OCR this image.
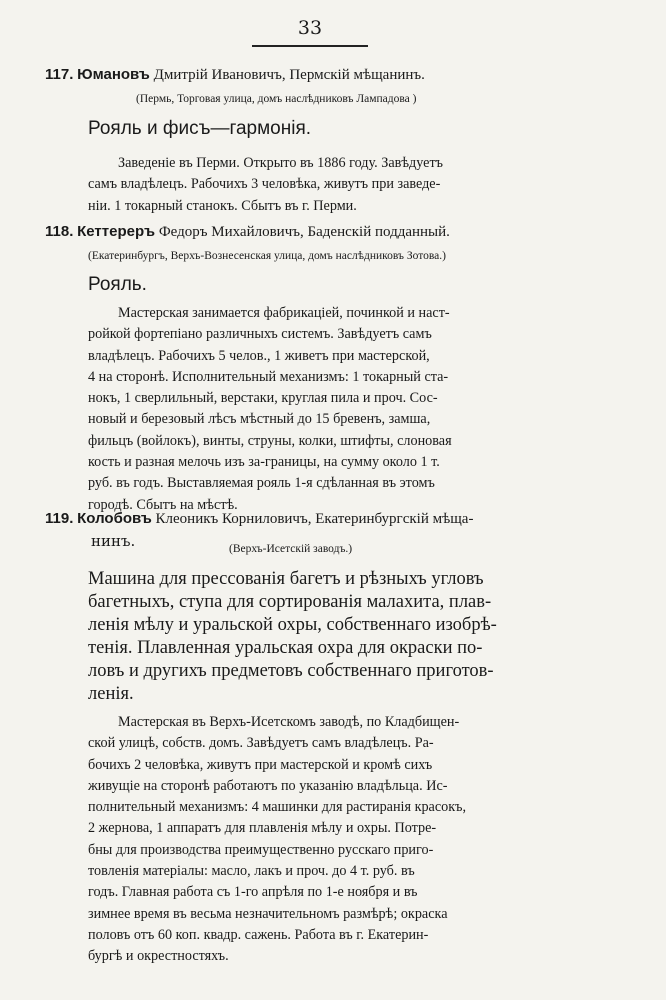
33
117. Юмановъ Дмитрій Ивановичъ, Пермскій мѣщанинъ.
(Пермь, Торговая улица, домъ наслѣдниковъ Лампадова )
Рояль и фисъ—гармонія.
Заведеніе въ Перми. Открыто въ 1886 году. Завѣдуетъ
самъ владѣлецъ. Рабочихъ 3 человѣка, живутъ при заведе-
ніи. 1 токарный станокъ. Сбытъ въ г. Перми.
118. Кеттереръ Федоръ Михайловичъ, Баденскій подданный.
(Екатеринбургъ, Верхъ-Вознесенская улица, домъ наслѣдниковъ Зотова.)
Рояль.
Мастерская занимается фабрикаціей, починкой и наст-
ройкой фортепіано различныхъ системъ. Завѣдуетъ самъ
владѣлецъ. Рабочихъ 5 челов., 1 живетъ при мастерской,
4 на сторонѣ. Исполнительный механизмъ: 1 токарный ста-
нокъ, 1 сверлильный, верстаки, круглая пила и проч. Сос-
новый и березовый лѣсъ мѣстный до 15 бревенъ, замша,
фильцъ (войлокъ), винты, струны, колки, штифты, слоновая
кость и разная мелочь изъ за-границы, на сумму около 1 т.
руб. въ годъ. Выставляемая рояль 1-я сдѣланная въ этомъ
городѣ. Сбытъ на мѣстѣ.
119. Колобовъ Клеоникъ Корниловичъ, Екатеринбургскій мѣща-
нинъ.	(Верхъ-Исетскій заводъ.)
Машина для прессованія багетъ и рѣзныхъ угловъ
багетныхъ, ступа для сортированія малахита, плав-
ленія мѣлу и уральской охры, собственнаго изобрѣ-
тенія. Плавленная уральская охра для окраски по-
ловъ и другихъ предметовъ собственнаго приготов-
ленія.
Мастерская въ Верхъ-Исетскомъ заводѣ, по Кладбищен-
ской улицѣ, собств. домъ. Завѣдуетъ самъ владѣлецъ. Ра-
бочихъ 2 человѣка, живутъ при мастерской и кромѣ сихъ
живущіе на сторонѣ работаютъ по указанію владѣльца. Ис-
полнительный механизмъ: 4 машинки для растиранія красокъ,
2 жернова, 1 аппаратъ для плавленія мѣлу и охры. Потре-
бны для производства преимущественно русскаго приго-
товленія матеріалы: масло, лакъ и проч. до 4 т. руб. въ
годъ. Главная работа съ 1-го апрѣля по 1-е ноября и въ
зимнее время въ весьма незначительномъ размѣрѣ; окраска
половъ отъ 60 коп. квадр. сажень. Работа въ г. Екатерин-
бургѣ и окрестностяхъ.
